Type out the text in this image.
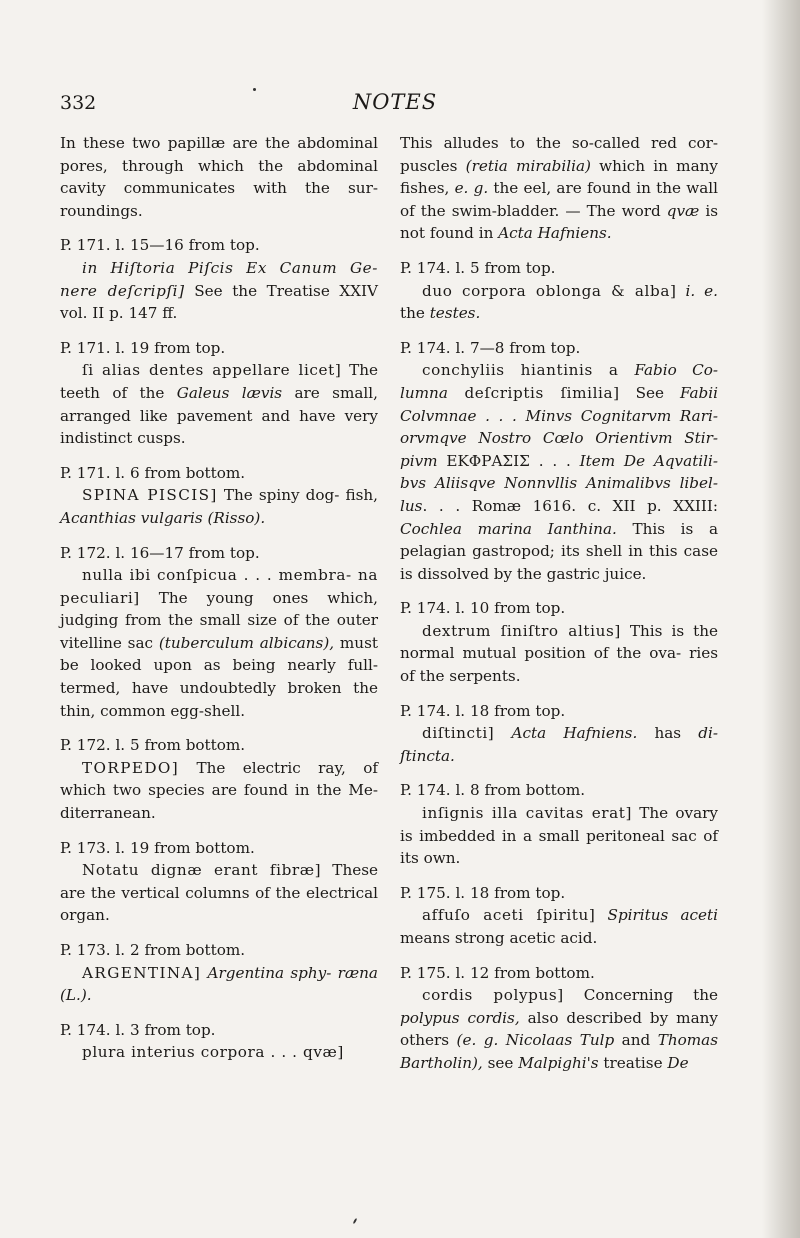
332	NOTES

In these two papillæ are the abdominal pores, through which the abdominal cavity communicates with the sur‑ roundings.

P. 171. l. 15—16 from top.

in Hiſtoria Piſcis Ex Canum Ge‑ nere deſcripſi] See the Treatise XXIV vol. II p. 147 ff.

P. 171. l. 19 from top.

ſi alias dentes appellare licet] The teeth of the Galeus lævis are small, arranged like pavement and have very indistinct cusps.

P. 171. l. 6 from bottom.

SPINA PISCIS] The spiny dog‑ fish, Acanthias vulgaris (Risso).

P. 172. l. 16—17 from top.

nulla ibi conſpicua . . . membra‑ na peculiari] The young ones which, judging from the small size of the outer vitelline sac (tuberculum albicans), must be looked upon as being nearly full‑ termed, have undoubtedly broken the thin, common egg‑shell.

P. 172. l. 5 from bottom.

TORPEDO] The electric ray, of which two species are found in the Me‑ diterranean.

P. 173. l. 19 from bottom.

Notatu dignæ erant fibræ] These are the vertical columns of the electrical organ.

P. 173. l. 2 from bottom.

ARGENTINA] Argentina sphy‑ ræna (L.).

P. 174. l. 3 from top.

plura interius corpora . . . qvæ]

This alludes to the so‑called red cor‑ puscles (retia mirabilia) which in many fishes, e. g. the eel, are found in the wall of the swim‑bladder. — The word qvæ is not found in Acta Hafniens.

P. 174. l. 5 from top.

duo corpora oblonga & alba] i. e. the testes.

P. 174. l. 7—8 from top.

conchyliis hiantinis a Fabio Co‑ lumna deſcriptis ſimilia] See Fabii Colvmnae . . . Minvs Cognitarvm Rari‑ orvmqve Nostro Cœlo Orientivm Stir‑ pivm ΕΚΦΡΑΣΙΣ . . . Item De Aqvatili‑ bvs Aliisqve Nonnvllis Animalibvs libel‑ lus. . . Romæ 1616. c. XII p. XXIII: Cochlea marina Ianthina. This is a pelagian gastropod; its shell in this case is dissolved by the gastric juice.

P. 174. l. 10 from top.

dextrum ſiniſtro altius] This is the normal mutual position of the ova‑ ries of the serpents.

P. 174. l. 18 from top.

diſtincti] Acta Hafniens. has di‑ ſtincta.

P. 174. l. 8 from bottom.

inſignis illa cavitas erat] The ovary is imbedded in a small peritoneal sac of its own.

P. 175. l. 18 from top.

affuſo aceti ſpiritu] Spiritus aceti means strong acetic acid.

P. 175. l. 12 from bottom.

cordis polypus] Concerning the polypus cordis, also described by many others (e. g. Nicolaas Tulp and Thomas Bartholin), see Malpighi's treatise De
